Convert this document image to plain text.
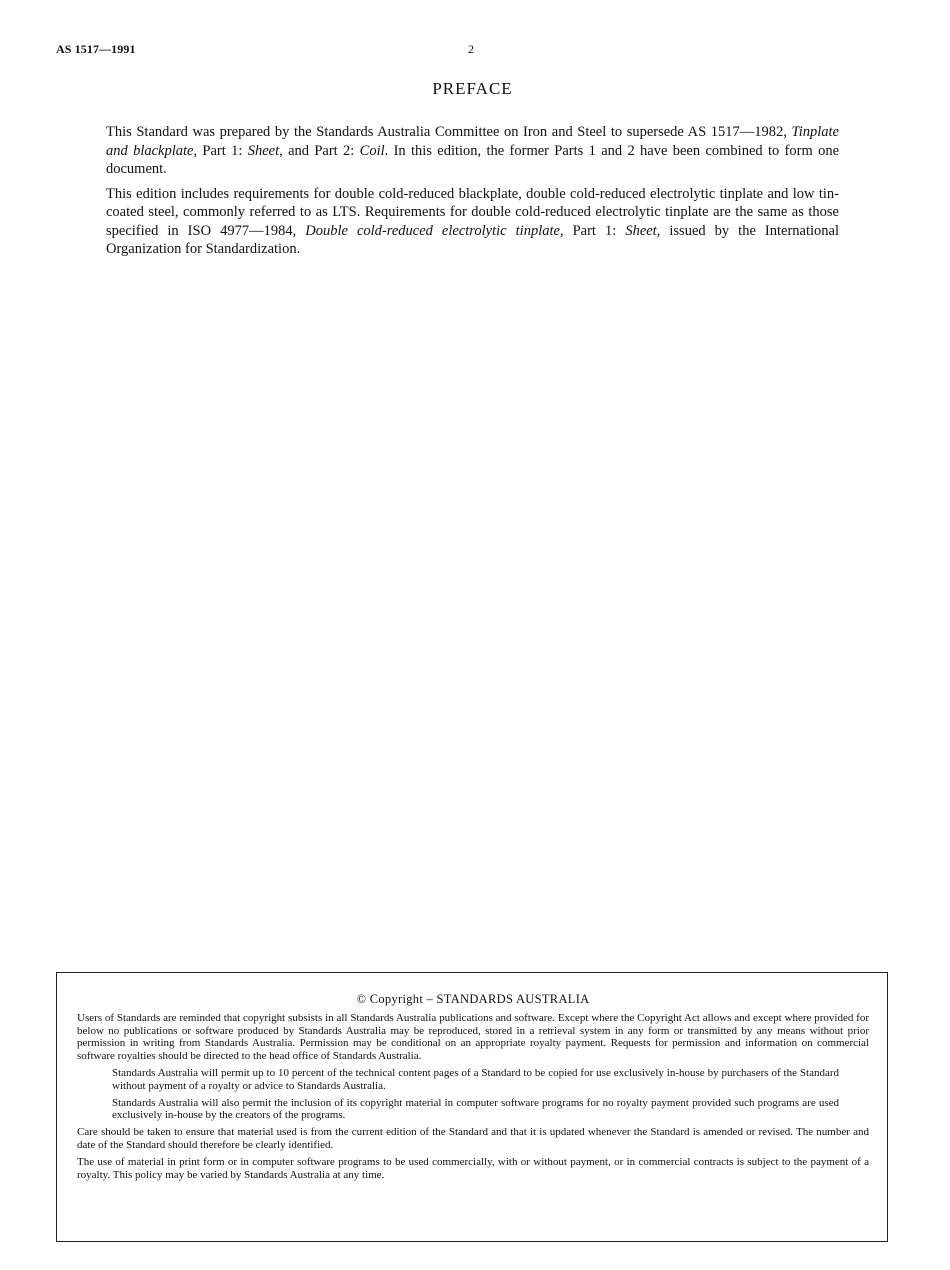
AS 1517—1991	2
PREFACE

This Standard was prepared by the Standards Australia Committee on Iron and Steel to supersede AS 1517—1982, Tinplate and blackplate, Part 1: Sheet, and Part 2: Coil. In this edition, the former Parts 1 and 2 have been combined to form one document.

This edition includes requirements for double cold-reduced blackplate, double cold-reduced electrolytic tinplate and low tin-coated steel, commonly referred to as LTS. Requirements for double cold-reduced electrolytic tinplate are the same as those specified in ISO 4977—1984, Double cold-reduced electrolytic tinplate, Part 1: Sheet, issued by the International Organization for Standardization.

© Copyright – STANDARDS AUSTRALIA

Users of Standards are reminded that copyright subsists in all Standards Australia publications and software. Except where the Copyright Act allows and except where provided for below no publications or software produced by Standards Australia may be reproduced, stored in a retrieval system in any form or transmitted by any means without prior permission in writing from Standards Australia. Permission may be conditional on an appropriate royalty payment. Requests for permission and information on commercial software royalties should be directed to the head office of Standards Australia.

Standards Australia will permit up to 10 percent of the technical content pages of a Standard to be copied for use exclusively in-house by purchasers of the Standard without payment of a royalty or advice to Standards Australia.

Standards Australia will also permit the inclusion of its copyright material in computer software programs for no royalty payment provided such programs are used exclusively in-house by the creators of the programs.

Care should be taken to ensure that material used is from the current edition of the Standard and that it is updated whenever the Standard is amended or revised. The number and date of the Standard should therefore be clearly identified.

The use of material in print form or in computer software programs to be used commercially, with or without payment, or in commercial contracts is subject to the payment of a royalty. This policy may be varied by Standards Australia at any time.
